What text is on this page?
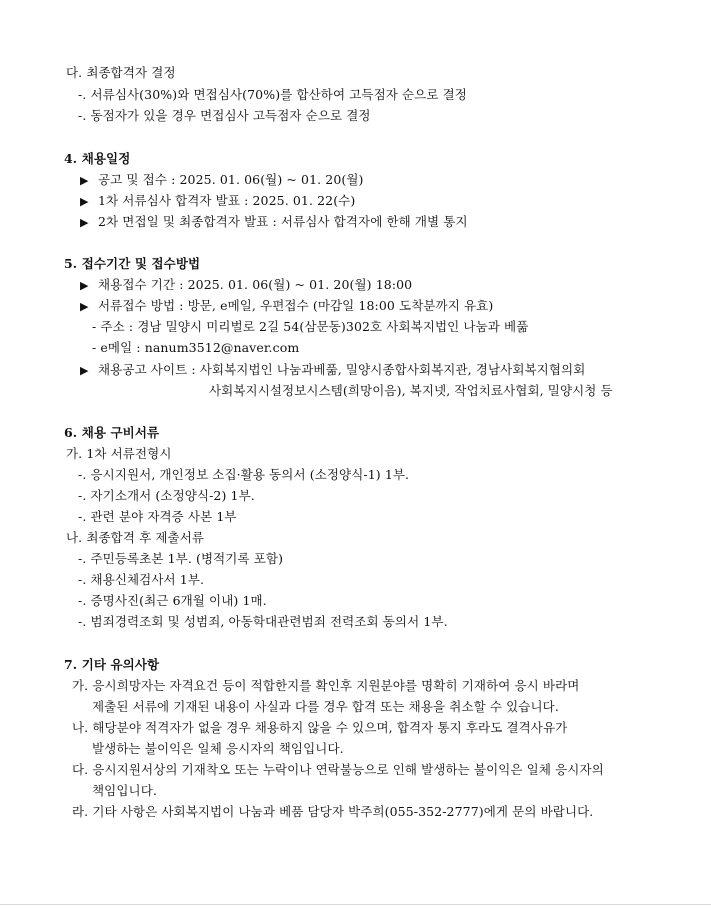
다. 최종합격자 결정
-. 서류심사(30%)와 면접심사(70%)를 합산하여 고득점자 순으로 결정
-. 동점자가 있을 경우 면접심사 고득점자 순으로 결정
4. 채용일정
▶ 공고 및 접수 : 2025. 01. 06(월) ~ 01. 20(월)
▶ 1차 서류심사 합격자 발표 : 2025. 01. 22(수)
▶ 2차 면접일 및 최종합격자 발표 : 서류심사 합격자에 한해 개별 통지
5. 접수기간 및 접수방법
▶ 채용접수 기간 : 2025. 01. 06(월) ~ 01. 20(월) 18:00
▶ 서류접수 방법 : 방문, e메일, 우편접수 (마감일 18:00 도착분까지 유효)
- 주소 : 경남 밀양시 미리벌로 2길 54(삼문동)302호 사회복지법인 나눔과 베풂
- e메일 : nanum3512@naver.com
▶ 채용공고 사이트 : 사회복지법인 나눔과베풂, 밀양시종합사회복지관, 경남사회복지협의회
사회복지시설정보시스템(희망이음), 복지넷, 작업치료사협회, 밀양시청 등
6. 채용 구비서류
가. 1차 서류전형시
-. 응시지원서, 개인정보 소집·활용 동의서 (소정양식-1) 1부.
-. 자기소개서 (소정양식-2) 1부.
-. 관련 분야 자격증 사본 1부
나. 최종합격 후 제출서류
-. 주민등록초본 1부. (병적기록 포함)
-. 채용신체검사서 1부.
-. 증명사진(최근 6개월 이내) 1매.
-. 범죄경력조회 및 성범죄, 아동학대관련범죄 전력조회 동의서 1부.
7. 기타 유의사항
가. 응시희망자는 자격요건 등이 적합한지를 확인후 지원분야를 명확히 기재하여 응시 바라며
제출된 서류에 기재된 내용이 사실과 다를 경우 합격 또는 채용을 취소할 수 있습니다.
나. 해당분야 적격자가 없을 경우 채용하지 않을 수 있으며, 합격자 통지 후라도 결격사유가
발생하는 불이익은 일체 응시자의 책임입니다.
다. 응시지원서상의 기재착오 또는 누락이나 연락불능으로 인해 발생하는 불이익은 일체 응시자의
책임입니다.
라. 기타 사항은 사회복지법이 나눔과 베품 담당자 박주희(055-352-2777)에게 문의 바랍니다.
